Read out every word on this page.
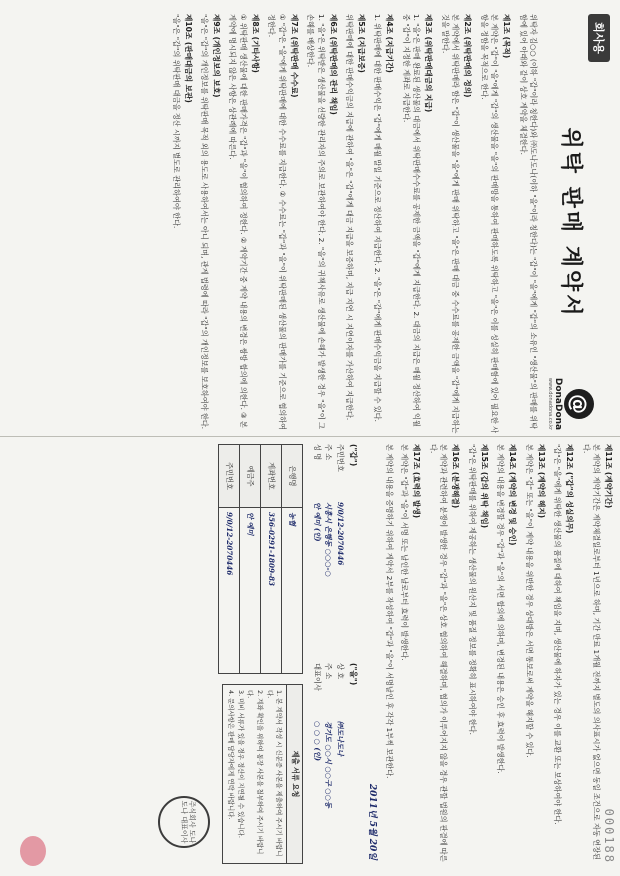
회사용
위탁 판매 계약서
@
DonaDona
www.donadona.co.kr

위탁자 김○○ (이하 "갑"이라 칭한다)와 ㈜도나도나(이하 "을"이라 칭한다)는 "갑"이 "을"에게 "갑"의 소유인 "생산물"의 판매를 위탁함에 있어 아래와 같이 상호 계약을 체결한다.

제1조 (목적)

본 계약은 "갑"이 "을"에게 "갑"의 생산물을 "을"의 판매망을 통하여 판매하도록 위탁하고 "을"은 이를 성실히 판매함에 있어 필요한 사항을 정함을 목적으로 한다.

제2조 (위탁판매의 정의)

본 계약에서 위탁판매라 함은 "갑"이 생산물을 "을"에게 판매 위탁하고 "을"은 판매 대금 중 수수료를 공제한 금액을 "갑"에게 지급하는 것을 말한다.

제3조 (위탁판매대금의 지급)

1. "을"은 판매 완료된 생산물의 대금에서 위탁판매수수료를 공제한 금액을 "갑"에게 지급한다. 2. 대금의 지급은 매월 정산하여 익월 중 "갑"이 지정한 계좌로 지급한다.

제4조 (지급기간)

1. 위탁판매에 대한 판매수익은 "갑"에게 매월 말일 기준으로 정산하여 지급한다. 2. "을"은 "갑"에게 판매수익금을 지급할 수 있다.

제5조 (지급보증)

위탁판매에 대한 판매수익금의 지급에 관하여 "을"은 "갑"에게 대금 지급을 보증하며, 지급 지연 시 지연이자를 가산하여 지급한다.

제6조 (위탁판매의 관리 책임)

1. "을"은 위탁받은 생산물을 선량한 관리자의 주의로 보관하여야 한다. 2. "을"의 귀책사유로 생산물에 손해가 발생한 경우 "을"이 그 손해를 배상한다.

제7조 (위탁판매 수수료)

① "갑"은 "을"에게 위탁판매에 대한 수수료를 지급한다. ② 수수료는 "갑"과 "을"이 위탁판매된 생산물의 판매가를 기준으로 협의하여 정한다.

제8조 (기타사항)

① 위탁판매 생산물에 대한 판매가격은 "갑"과 "을"이 협의하여 정한다. ② 계약기간 중 계약 내용의 변경은 쌍방 합의에 의한다. ③ 본 계약에 명시되지 않은 사항은 상관례에 따른다.

제9조 (개인정보의 보호)

"을"은 "갑"의 개인정보를 위탁판매 목적 외의 용도로 사용하여서는 아니 되며, 관계 법령에 따라 "갑"의 개인정보를 보호하여야 한다.

제10조 (판매대금의 보관)

"을"은 "갑"의 위탁판매 대금을 정산 시까지 별도로 관리하여야 한다.

000188
제11조 (계약기간)

본 계약의 계약기간은 계약체결일로부터 1년으로 하며, 기간 만료 1개월 전까지 별도의 의사표시가 없으면 동일 조건으로 자동 연장된다.

제12조 ("갑"의 성실의무)

"갑"은 "을"에게 위탁한 생산물의 품질에 대하여 책임을 지며, 생산물에 하자가 있는 경우 이를 교환 또는 보상하여야 한다.

제13조 (계약의 해지)

본 계약은 "갑" 또는 "을"이 계약 내용을 위반한 경우 상대방은 서면 통보로써 계약을 해지할 수 있다.

제14조 (계약의 변경 및 승인)

본 계약의 내용을 변경할 경우 "갑"과 "을"의 서면 합의에 의하며, 변경된 내용은 승인 후 효력이 발생한다.

제15조 (갑의 위탁 책임)

"갑"은 위탁판매를 위하여 제공하는 생산물의 원산지 및 품질 정보를 정확히 표시하여야 한다.

제16조 (분쟁해결)

본 계약과 관련하여 분쟁이 발생한 경우 "갑"과 "을"은 상호 협의하여 해결하며, 협의가 이루어지지 않을 경우 관할 법원의 판결에 따른다.

제17조 (효력의 발생)

본 계약은 "갑"과 "을"이 서명 또는 날인한 날로부터 효력이 발생한다.

본 계약의 내용을 증명하기 위하여 계약서 2부를 작성하여 "갑"과 "을"이 서명날인 후 각각 1부씩 보관한다.

2011년 5월 20일
("갑")
주민번호
9/0/12-2070446
주 소
시흥시 은행동 ○○○-○
성 명
안 예미 (인)
("을")
상 호
㈜도나도나
주 소
경기도 ○○시 ○○구 ○○동
대표이사
○ ○ ○ (인)
은행명	농협
계좌번호	356-0291-1809-83
예금주	안 예미
주민번호	9/0/12-2070446
제출 서류 요청
1. 본 계약서 작성 시 신분증 사본을 제출하여 주시기 바랍니다.
2. 계좌 확인을 위하여 통장 사본을 첨부하여 주시기 바랍니다.
3. 미비 서류가 있을 경우 정산이 지연될 수 있습니다.
4. 문의사항은 판매 담당자에게 연락 바랍니다.
주식회사 도나도나 대표이사
